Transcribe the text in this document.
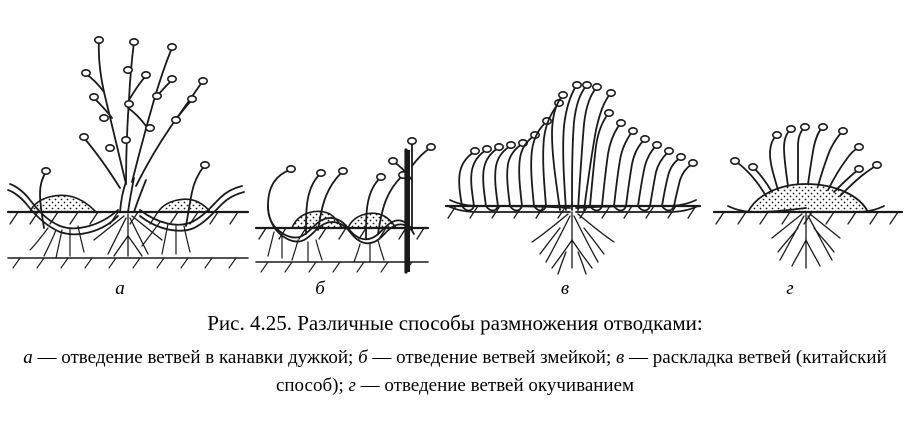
а	б	в	г
Рис. 4.25. Различные способы размножения отводками:
а — отведение ветвей в канавки дужкой; б — отведение ветвей змейкой; в — раскладка ветвей (китайский способ); г — отведение ветвей окучиванием
